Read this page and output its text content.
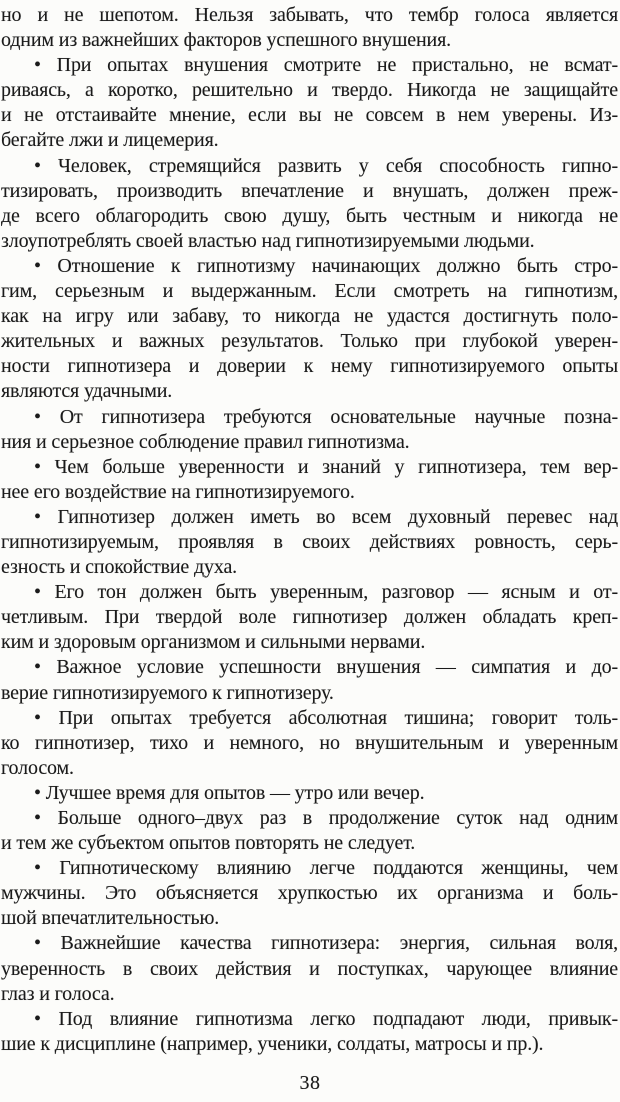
но и не шепотом. Нельзя забывать, что тембр голоса является
одним из важнейших факторов успешного внушения.
• При опытах внушения смотрите не пристально, не всмат-
риваясь, а коротко, решительно и твердо. Никогда не защищайте
и не отстаивайте мнение, если вы не совсем в нем уверены. Из-
бегайте лжи и лицемерия.
• Человек, стремящийся развить у себя способность гипно-
тизировать, производить впечатление и внушать, должен преж-
де всего облагородить свою душу, быть честным и никогда не
злоупотреблять своей властью над гипнотизируемыми людьми.
• Отношение к гипнотизму начинающих должно быть стро-
гим, серьезным и выдержанным. Если смотреть на гипнотизм,
как на игру или забаву, то никогда не удастся достигнуть поло-
жительных и важных результатов. Только при глубокой уверен-
ности гипнотизера и доверии к нему гипнотизируемого опыты
являются удачными.
• От гипнотизера требуются основательные научные позна-
ния и серьезное соблюдение правил гипнотизма.
• Чем больше уверенности и знаний у гипнотизера, тем вер-
нее его воздействие на гипнотизируемого.
• Гипнотизер должен иметь во всем духовный перевес над
гипнотизируемым, проявляя в своих действиях ровность, серь-
езность и спокойствие духа.
• Его тон должен быть уверенным, разговор — ясным и от-
четливым. При твердой воле гипнотизер должен обладать креп-
ким и здоровым организмом и сильными нервами.
• Важное условие успешности внушения — симпатия и до-
верие гипнотизируемого к гипнотизеру.
• При опытах требуется абсолютная тишина; говорит толь-
ко гипнотизер, тихо и немного, но внушительным и уверенным
голосом.
• Лучшее время для опытов — утро или вечер.
• Больше одного–двух раз в продолжение суток над одним
и тем же субъектом опытов повторять не следует.
• Гипнотическому влиянию легче поддаются женщины, чем
мужчины. Это объясняется хрупкостью их организма и боль-
шой впечатлительностью.
• Важнейшие качества гипнотизера: энергия, сильная воля,
уверенность в своих действия и поступках, чарующее влияние
глаз и голоса.
• Под влияние гипнотизма легко подпадают люди, привык-
шие к дисциплине (например, ученики, солдаты, матросы и пр.).
38
